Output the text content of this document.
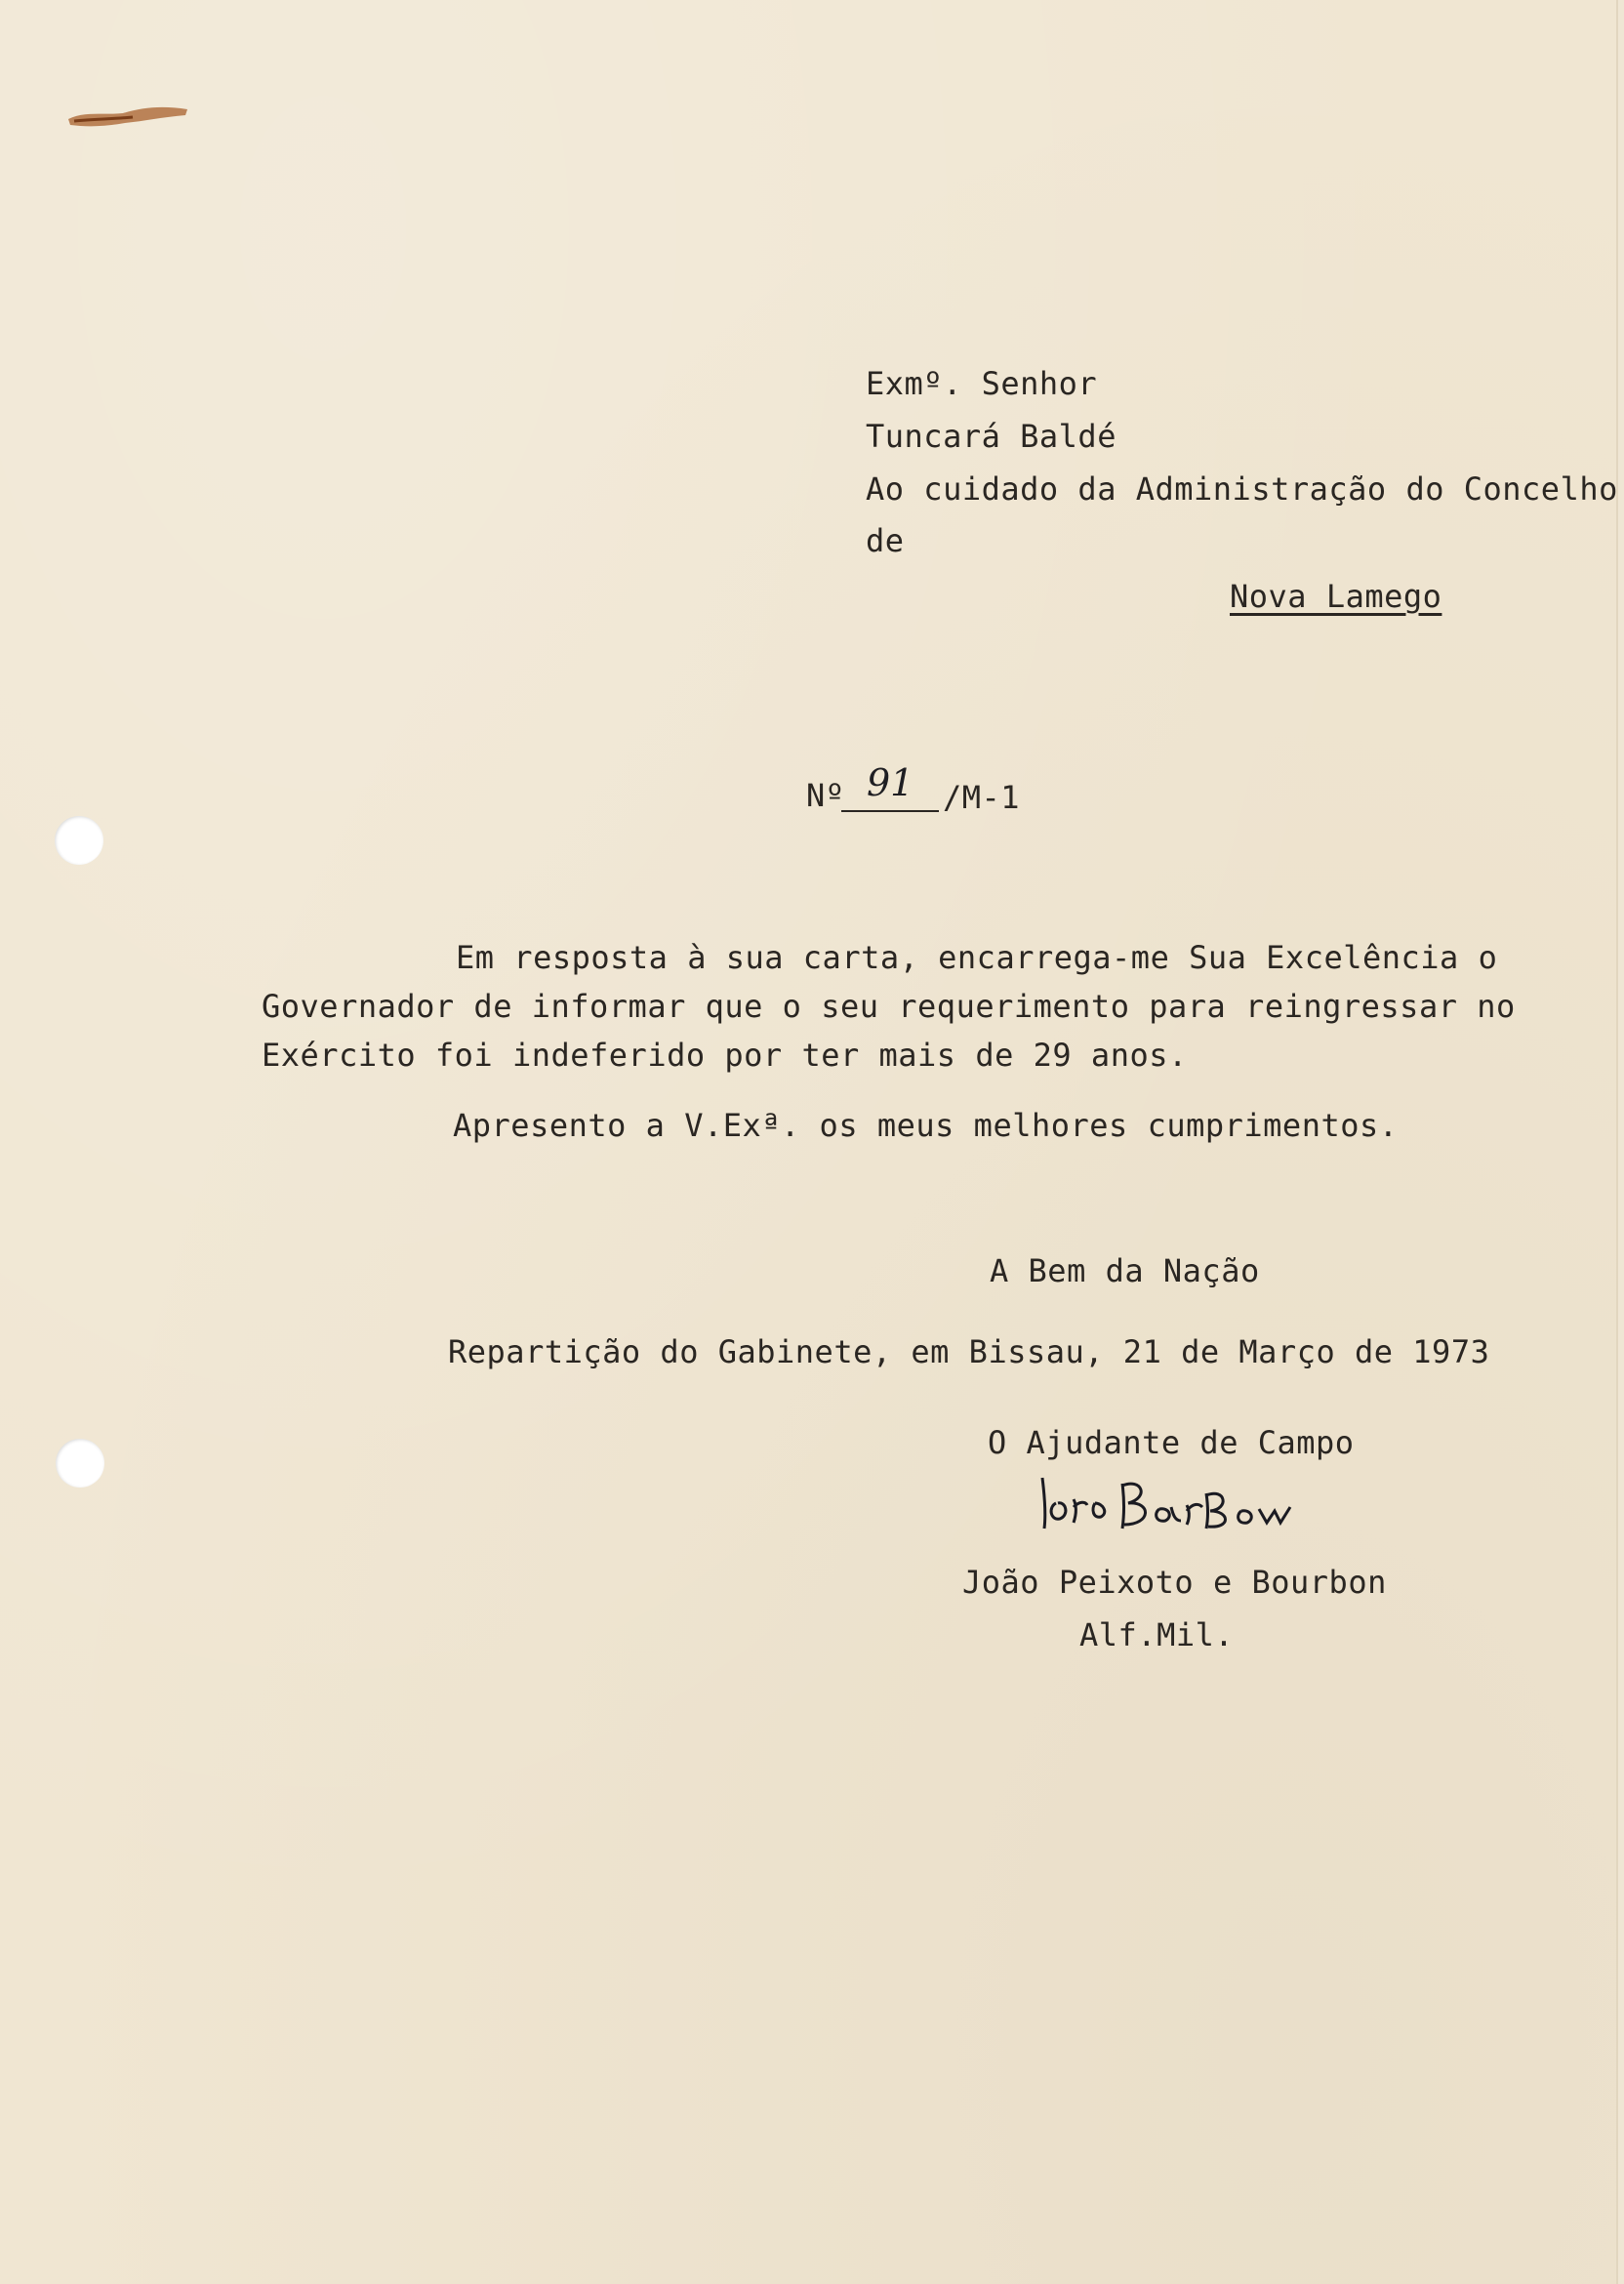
Exmº. Senhor
Tuncará Baldé
Ao cuidado da Administração do Concelho
de
Nova Lamego
Nº 91 /M-1
Em resposta à sua carta, encarrega-me Sua Excelência o
Governador de informar que o seu requerimento para reingressar no
Exército foi indeferido por ter mais de 29 anos.
Apresento a V.Exª. os meus melhores cumprimentos.
A Bem da Nação
Repartição do Gabinete, em Bissau, 21 de Março de 1973
O Ajudante de Campo
João Peixoto e Bourbon
Alf.Mil.
